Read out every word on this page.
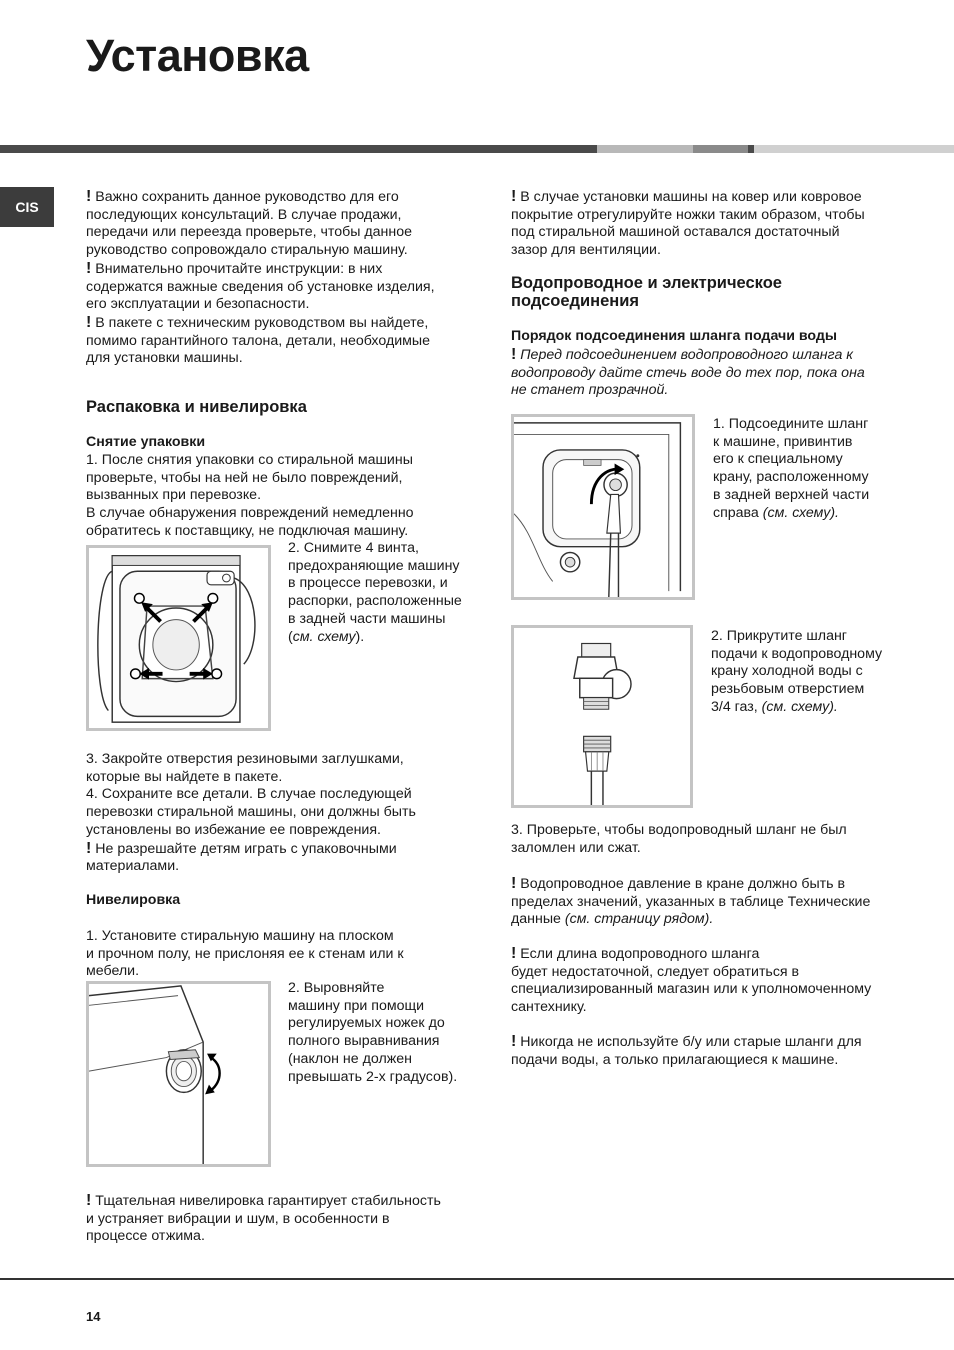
Установка
CIS
! Важно сохранить данное руководство для его
последующих консультаций. В случае продажи,
передачи или переезда проверьте, чтобы данное
руководство сопровождало стиральную машину.
! Внимательно прочитайте инструкции: в них
содержатся важные сведения об установке изделия,
его эксплуатации и безопасности.
! В пакете с техническим руководством вы найдете,
помимо гарантийного талона, детали, необходимые
для установки машины.
Распаковка и нивелировка
Снятие упаковки
1. После снятия упаковки со стиральной машины
проверьте, чтобы на ней не было повреждений,
вызванных при перевозке.
В случае обнаружения повреждений немедленно
обратитесь к поставщику, не подключая машину.
2. Снимите 4 винта,
предохраняющие машину
в процессе перевозки, и
распорки, расположенные
в задней части машины
(см. схему).
3. Закройте отверстия резиновыми заглушками,
которые вы найдете в пакете.
4. Сохраните все детали. В случае последующей
перевозки стиральной машины, они должны быть
установлены во избежание ее повреждения.
! Не разрешайте детям играть с упаковочными
материалами.
Нивелировка
1. Установите стиральную машину на плоском
и прочном полу, не прислоняя ее к стенам или к
мебели.
2. Выровняйте
машину при помощи
регулируемых ножек до
полного выравнивания
(наклон не должен
превышать 2-х градусов).
! Тщательная нивелировка гарантирует стабильность
и устраняет вибрации и шум, в особенности в
процессе отжима.
! В случае установки машины на ковер или ковровое
покрытие отрегулируйте ножки таким образом, чтобы
под стиральной машиной оставался достаточный
зазор для вентиляции.
Водопроводное и электрическое
подсоединения
Порядок подсоединения шланга подачи воды
! Перед подсоединением водопроводного шланга к
водопроводу дайте стечь воде до тех пор, пока она
не станет прозрачной.
1. Подсоедините шланг
к машине, привинтив
его к специальному
крану, расположенному
в задней верхней части
справа (см. схему).
2. Прикрутите шланг
подачи к водопроводному
крану холодной воды с
резьбовым отверстием
3/4 газ, (см. схему).
3. Проверьте, чтобы водопроводный шланг не был
заломлен или сжат.
! Водопроводное давление в кране должно быть в
пределах значений, указанных в таблице Технические
данные (см. страницу рядом).
! Если длина водопроводного шланга
будет недостаточной, следует обратиться в
специализированный магазин или к уполномоченному
сантехнику.
! Никогда не используйте б/у или старые шланги для
подачи воды, а только прилагающиеся к машине.
14
